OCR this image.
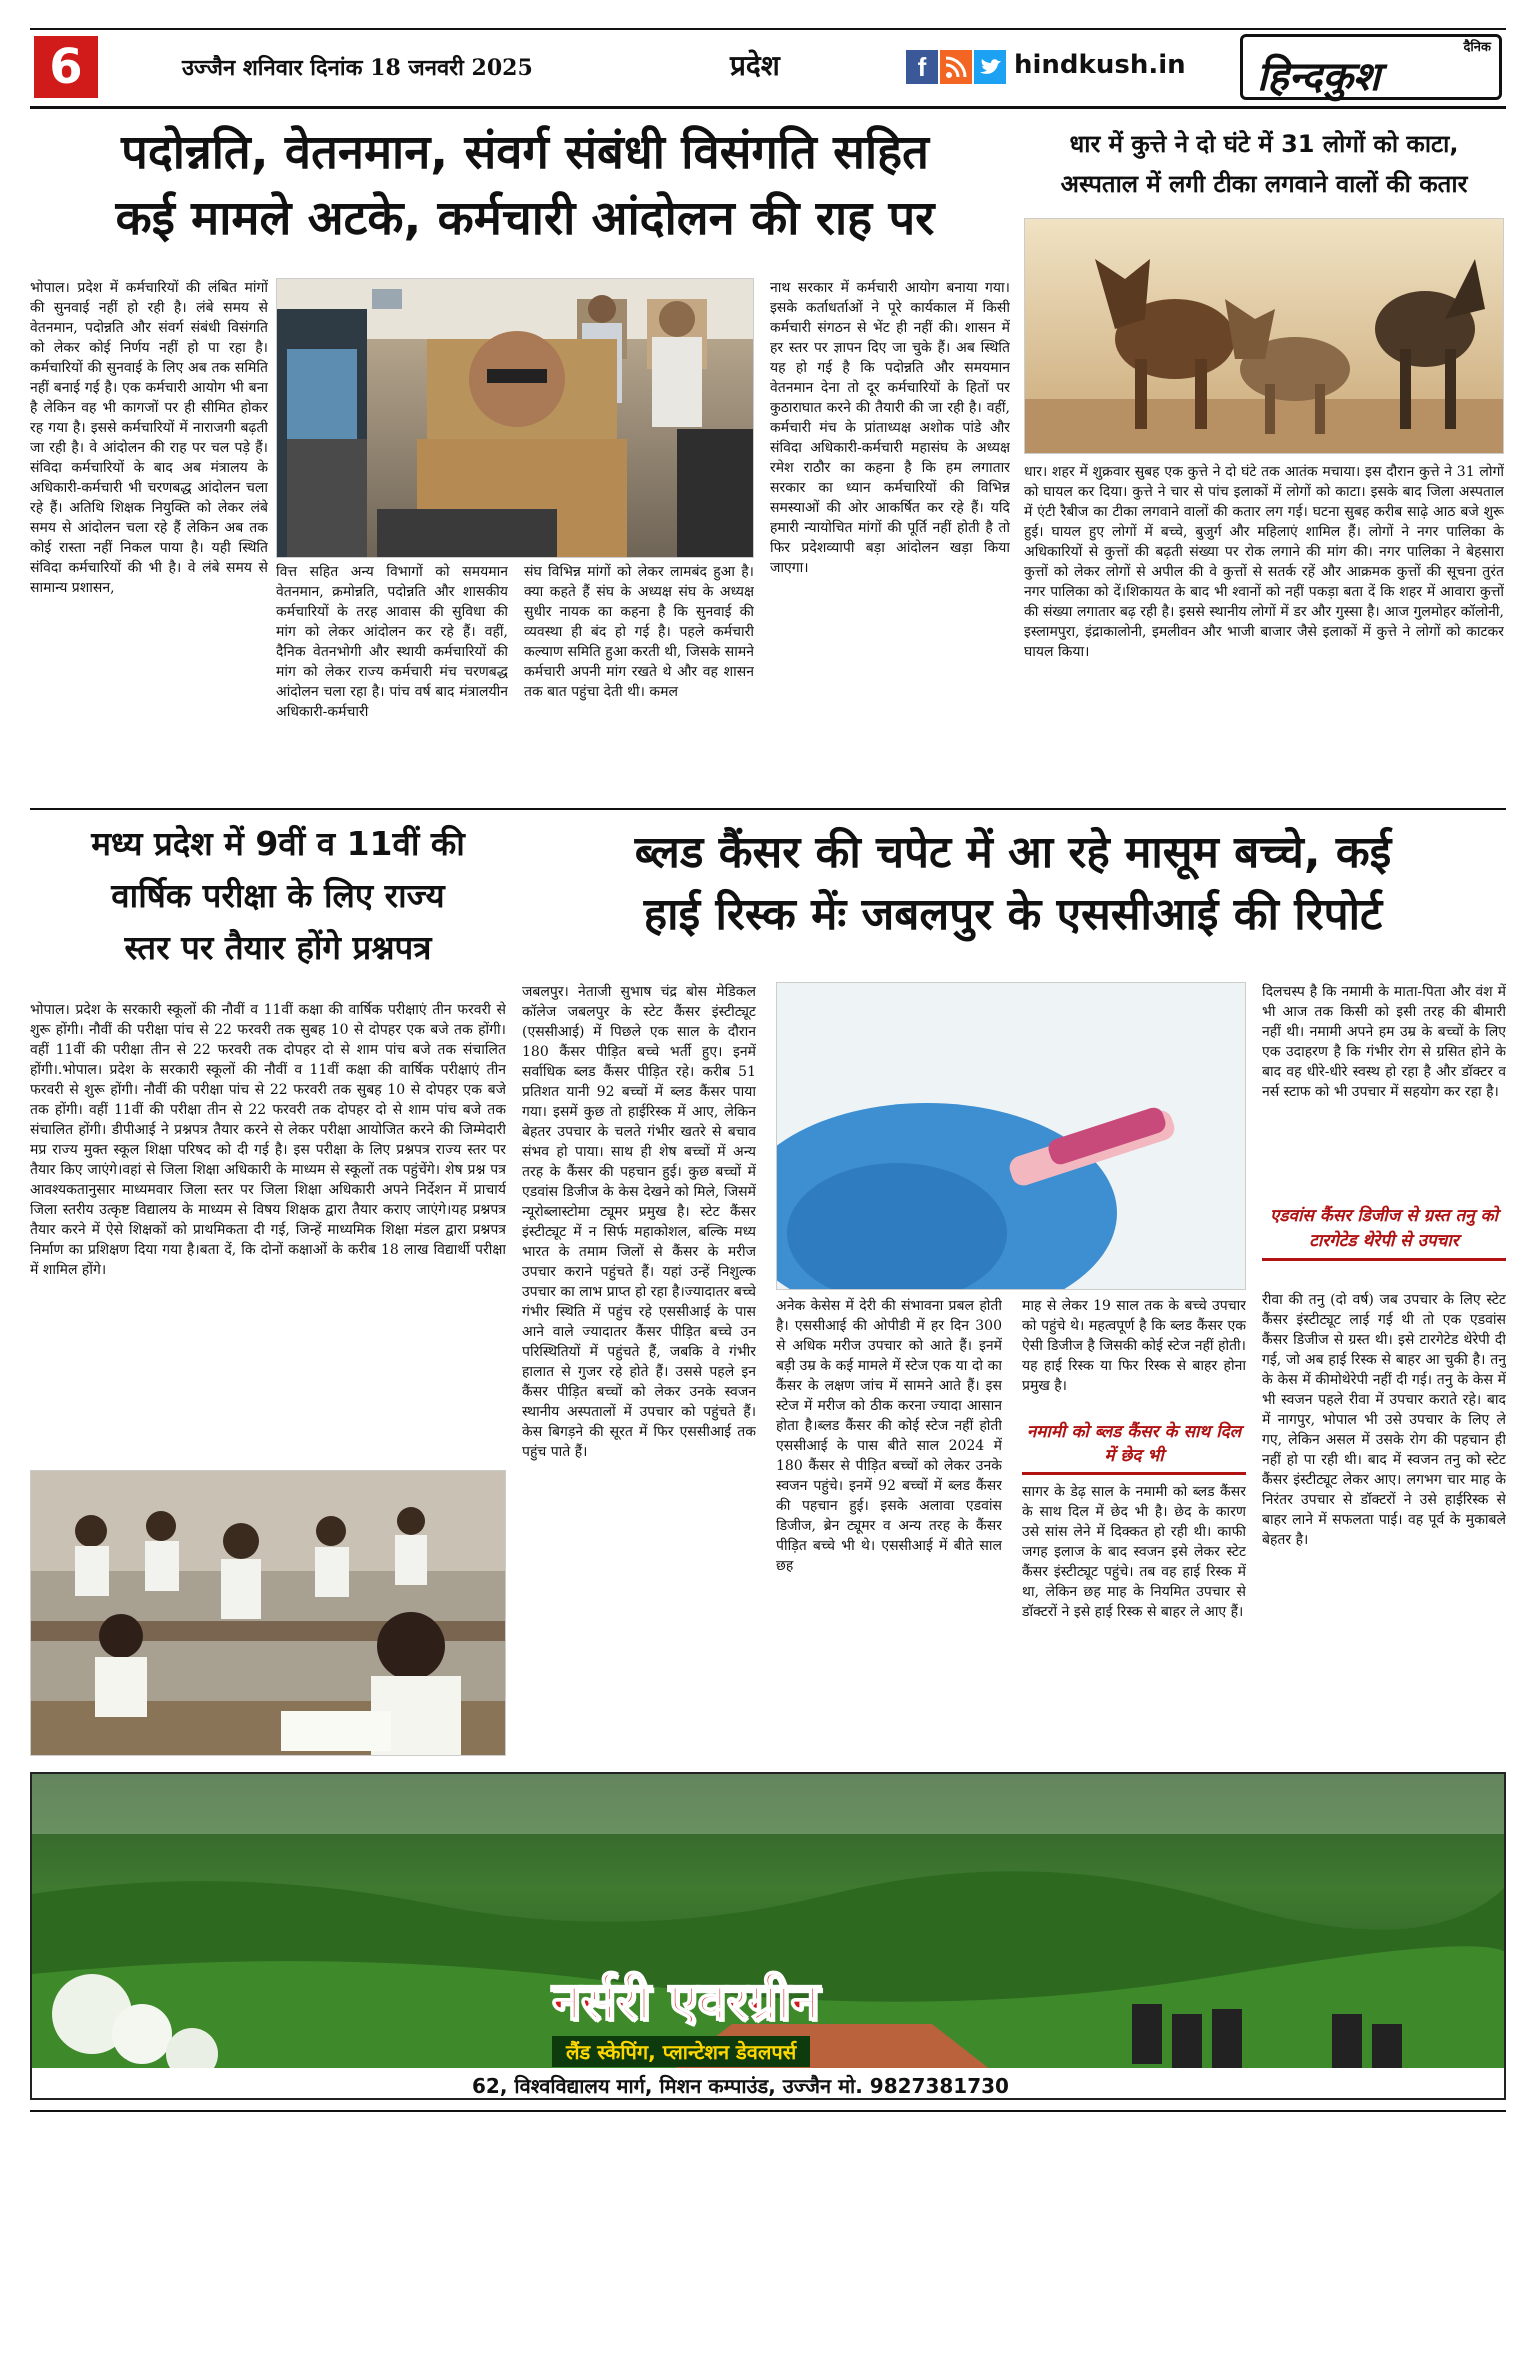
6	उज्जैन शनिवार दिनांक 18 जनवरी 2025	प्रदेश	f	hindkush.in
दैनिक
हिन्दकुश
पदोन्नति, वेतनमान, संवर्ग संबंधी विसंगति सहित
कई मामले अटके, कर्मचारी आंदोलन की राह पर
भोपाल। प्रदेश में कर्मचारियों की लंबित मांगों की सुनवाई नहीं हो रही है। लंबे समय से वेतनमान, पदोन्नति और संवर्ग संबंधी विसंगति को लेकर कोई निर्णय नहीं हो पा रहा है। कर्मचारियों की सुनवाई के लिए अब तक समिति नहीं बनाई गई है। एक कर्मचारी आयोग भी बना है लेकिन वह भी कागजों पर ही सीमित होकर रह गया है। इससे कर्मचारियों में नाराजगी बढ़ती जा रही है। वे आंदोलन की राह पर चल पड़े हैं। संविदा कर्मचारियों के बाद अब मंत्रालय के अधिकारी-कर्मचारी भी चरणबद्ध आंदोलन चला रहे हैं। अतिथि शिक्षक नियुक्ति को लेकर लंबे समय से आंदोलन चला रहे हैं लेकिन अब तक कोई रास्ता नहीं निकल पाया है। यही स्थिति संविदा कर्मचारियों की भी है। वे लंबे समय से सामान्य प्रशासन,
वित्त सहित अन्य विभागों को समयमान वेतनमान, क्रमोन्नति, पदोन्नति और शासकीय कर्मचारियों के तरह आवास की सुविधा की मांग को लेकर आंदोलन कर रहे हैं। वहीं, दैनिक वेतनभोगी और स्थायी कर्मचारियों की मांग को लेकर राज्य कर्मचारी मंच चरणबद्ध आंदोलन चला रहा है। पांच वर्ष बाद मंत्रालयीन अधिकारी-कर्मचारी
संघ विभिन्न मांगों को लेकर लामबंद हुआ है।क्या कहते हैं संघ के अध्यक्ष संघ के अध्यक्ष सुधीर नायक का कहना है कि सुनवाई की व्यवस्था ही बंद हो गई है। पहले कर्मचारी कल्याण समिति हुआ करती थी, जिसके सामने कर्मचारी अपनी मांग रखते थे और वह शासन तक बात पहुंचा देती थी। कमल
नाथ सरकार में कर्मचारी आयोग बनाया गया। इसके कर्ताधर्ताओं ने पूरे कार्यकाल में किसी कर्मचारी संगठन से भेंट ही नहीं की। शासन में हर स्तर पर ज्ञापन दिए जा चुके हैं। अब स्थिति यह हो गई है कि पदोन्नति और समयमान वेतनमान देना तो दूर कर्मचारियों के हितों पर कुठाराघात करने की तैयारी की जा रही है। वहीं, कर्मचारी मंच के प्रांताध्यक्ष अशोक पांडे और संविदा अधिकारी-कर्मचारी महासंघ के अध्यक्ष रमेश राठौर का कहना है कि हम लगातार सरकार का ध्यान कर्मचारियों की विभिन्न समस्याओं की ओर आकर्षित कर रहे हैं। यदि हमारी न्यायोचित मांगों की पूर्ति नहीं होती है तो फिर प्रदेशव्यापी बड़ा आंदोलन खड़ा किया जाएगा।
धार में कुत्ते ने दो घंटे में 31 लोगों को काटा,
अस्पताल में लगी टीका लगवाने वालों की कतार
धार। शहर में शुक्रवार सुबह एक कुत्ते ने दो घंटे तक आतंक मचाया। इस दौरान कुत्ते ने 31 लोगों को घायल कर दिया। कुत्ते ने चार से पांच इलाकों में लोगों को काटा। इसके बाद जिला अस्पताल में एंटी रैबीज का टीका लगवाने वालों की कतार लग गई। घटना सुबह करीब साढ़े आठ बजे शुरू हुई। घायल हुए लोगों में बच्चे, बुजुर्ग और महिलाएं शामिल हैं। लोगों ने नगर पालिका के अधिकारियों से कुत्तों की बढ़ती संख्या पर रोक लगाने की मांग की। नगर पालिका ने बेहसारा कुत्तों को लेकर लोगों से अपील की वे कुत्तों से सतर्क रहें और आक्रमक कुत्तों की सूचना तुरंत नगर पालिका को दें।शिकायत के बाद भी श्वानों को नहीं पकड़ा बता दें कि शहर में आवारा कुत्तों की संख्या लगातार बढ़ रही है। इससे स्थानीय लोगों में डर और गुस्सा है। आज गुलमोहर कॉलोनी, इस्लामपुरा, इंद्राकालोनी, इमलीवन और भाजी बाजार जैसे इलाकों में कुत्ते ने लोगों को काटकर घायल किया।
मध्य प्रदेश में 9वीं व 11वीं की
वार्षिक परीक्षा के लिए राज्य
स्तर पर तैयार होंगे प्रश्नपत्र
भोपाल। प्रदेश के सरकारी स्कूलों की नौवीं व 11वीं कक्षा की वार्षिक परीक्षाएं तीन फरवरी से शुरू होंगी। नौवीं की परीक्षा पांच से 22 फरवरी तक सुबह 10 से दोपहर एक बजे तक होंगी। वहीं 11वीं की परीक्षा तीन से 22 फरवरी तक दोपहर दो से शाम पांच बजे तक संचालित होंगी।.भोपाल। प्रदेश के सरकारी स्कूलों की नौवीं व 11वीं कक्षा की वार्षिक परीक्षाएं तीन फरवरी से शुरू होंगी। नौवीं की परीक्षा पांच से 22 फरवरी तक सुबह 10 से दोपहर एक बजे तक होंगी। वहीं 11वीं की परीक्षा तीन से 22 फरवरी तक दोपहर दो से शाम पांच बजे तक संचालित होंगी। डीपीआई ने प्रश्नपत्र तैयार करने से लेकर परीक्षा आयोजित करने की जिम्मेदारी मप्र राज्य मुक्त स्कूल शिक्षा परिषद को दी गई है। इस परीक्षा के लिए प्रश्नपत्र राज्य स्तर पर तैयार किए जाएंगे।वहां से जिला शिक्षा अधिकारी के माध्यम से स्कूलों तक पहुंचेंगे। शेष प्रश्न पत्र आवश्यकतानुसार माध्यमवार जिला स्तर पर जिला शिक्षा अधिकारी अपने निर्देशन में प्राचार्य जिला स्तरीय उत्कृष्ट विद्यालय के माध्यम से विषय शिक्षक द्वारा तैयार कराए जाएंगे।यह प्रश्नपत्र तैयार करने में ऐसे शिक्षकों को प्राथमिकता दी गई, जिन्हें माध्यमिक शिक्षा मंडल द्वारा प्रश्नपत्र निर्माण का प्रशिक्षण दिया गया है।बता दें, कि दोनों कक्षाओं के करीब 18 लाख विद्यार्थी परीक्षा में शामिल होंगे।
ब्लड कैंसर की चपेट में आ रहे मासूम बच्चे, कई
हाई रिस्क मेंः जबलपुर के एससीआई की रिपोर्ट
जबलपुर। नेताजी सुभाष चंद्र बोस मेडिकल कॉलेज जबलपुर के स्टेट कैंसर इंस्टीट्यूट (एससीआई) में पिछले एक साल के दौरान 180 कैंसर पीड़ित बच्चे भर्ती हुए। इनमें सर्वाधिक ब्लड कैंसर पीड़ित रहे। करीब 51 प्रतिशत यानी 92 बच्चों में ब्लड कैंसर पाया गया। इसमें कुछ तो हाईरिस्क में आए, लेकिन बेहतर उपचार के चलते गंभीर खतरे से बचाव संभव हो पाया। साथ ही शेष बच्चों में अन्य तरह के कैंसर की पहचान हुई। कुछ बच्चों में एडवांस डिजीज के केस देखने को मिले, जिसमें न्यूरोब्लास्टोमा ट्यूमर प्रमुख है। स्टेट कैंसर इंस्टीट्यूट में न सिर्फ महाकोशल, बल्कि मध्य भारत के तमाम जिलों से कैंसर के मरीज उपचार कराने पहुंचते हैं। यहां उन्हें निशुल्क उपचार का लाभ प्राप्त हो रहा है।ज्यादातर बच्चे गंभीर स्थिति में पहुंच रहे एससीआई के पास आने वाले ज्यादातर कैंसर पीड़ित बच्चे उन परिस्थितियों में पहुंचते हैं, जबकि वे गंभीर हालात से गुजर रहे होते हैं। उससे पहले इन कैंसर पीड़ित बच्चों को लेकर उनके स्वजन स्थानीय अस्पतालों में उपचार को पहुंचते हैं। केस बिगड़ने की सूरत में फिर एससीआई तक पहुंच पाते हैं।
अनेक केसेस में देरी की संभावना प्रबल होती है। एससीआई की ओपीडी में हर दिन 300 से अधिक मरीज उपचार को आते हैं। इनमें बड़ी उम्र के कई मामले में स्टेज एक या दो का कैंसर के लक्षण जांच में सामने आते हैं। इस स्टेज में मरीज को ठीक करना ज्यादा आसान होता है।ब्लड कैंसर की कोई स्टेज नहीं होती एससीआई के पास बीते साल 2024 में 180 कैंसर से पीड़ित बच्चों को लेकर उनके स्वजन पहुंचे। इनमें 92 बच्चों में ब्लड कैंसर की पहचान हुई। इसके अलावा एडवांस डिजीज, ब्रेन ट्यूमर व अन्य तरह के कैंसर पीड़ित बच्चे भी थे। एससीआई में बीते साल छह
माह से लेकर 19 साल तक के बच्चे उपचार को पहुंचे थे। महत्वपूर्ण है कि ब्लड कैंसर एक ऐसी डिजीज है जिसकी कोई स्टेज नहीं होती। यह हाई रिस्क या फिर रिस्क से बाहर होना प्रमुख है।
नमामी को ब्लड कैंसर के साथ दिल में छेद भी
सागर के डेढ़ साल के नमामी को ब्लड कैंसर के साथ दिल में छेद भी है। छेद के कारण उसे सांस लेने में दिक्कत हो रही थी। काफी जगह इलाज के बाद स्वजन इसे लेकर स्टेट कैंसर इंस्टीट्यूट पहुंचे। तब वह हाई रिस्क में था, लेकिन छह माह के नियमित उपचार से डॉक्टरों ने इसे हाई रिस्क से बाहर ले आए हैं।
दिलचस्प है कि नमामी के माता-पिता और वंश में भी आज तक किसी को इसी तरह की बीमारी नहीं थी। नमामी अपने हम उम्र के बच्चों के लिए एक उदाहरण है कि गंभीर रोग से ग्रसित होने के बाद वह धीरे-धीरे स्वस्थ हो रहा है और डॉक्टर व नर्स स्टाफ को भी उपचार में सहयोग कर रहा है।
एडवांस कैंसर डिजीज से ग्रस्त तनु को टारगेटेड थेरेपी से उपचार
रीवा की तनु (दो वर्ष) जब उपचार के लिए स्टेट कैंसर इंस्टीट्यूट लाई गई थी तो एक एडवांस कैंसर डिजीज से ग्रस्त थी। इसे टारगेटेड थेरेपी दी गई, जो अब हाई रिस्क से बाहर आ चुकी है। तनु के केस में कीमोथेरेपी नहीं दी गई। तनु के केस में भी स्वजन पहले रीवा में उपचार कराते रहे। बाद में नागपुर, भोपाल भी उसे उपचार के लिए ले गए, लेकिन असल में उसके रोग की पहचान ही नहीं हो पा रही थी। बाद में स्वजन तनु को स्टेट कैंसर इंस्टीट्यूट लेकर आए। लगभग चार माह के निरंतर उपचार से डॉक्टरों ने उसे हाईरिस्क से बाहर लाने में सफलता पाई। वह पूर्व के मुकाबले बेहतर है।
नर्सरी एवरग्रीन
लैंड स्केपिंग, प्लान्टेशन डेवलपर्स
62, विश्वविद्यालय मार्ग, मिशन कम्पाउंड, उज्जैन मो. 9827381730
